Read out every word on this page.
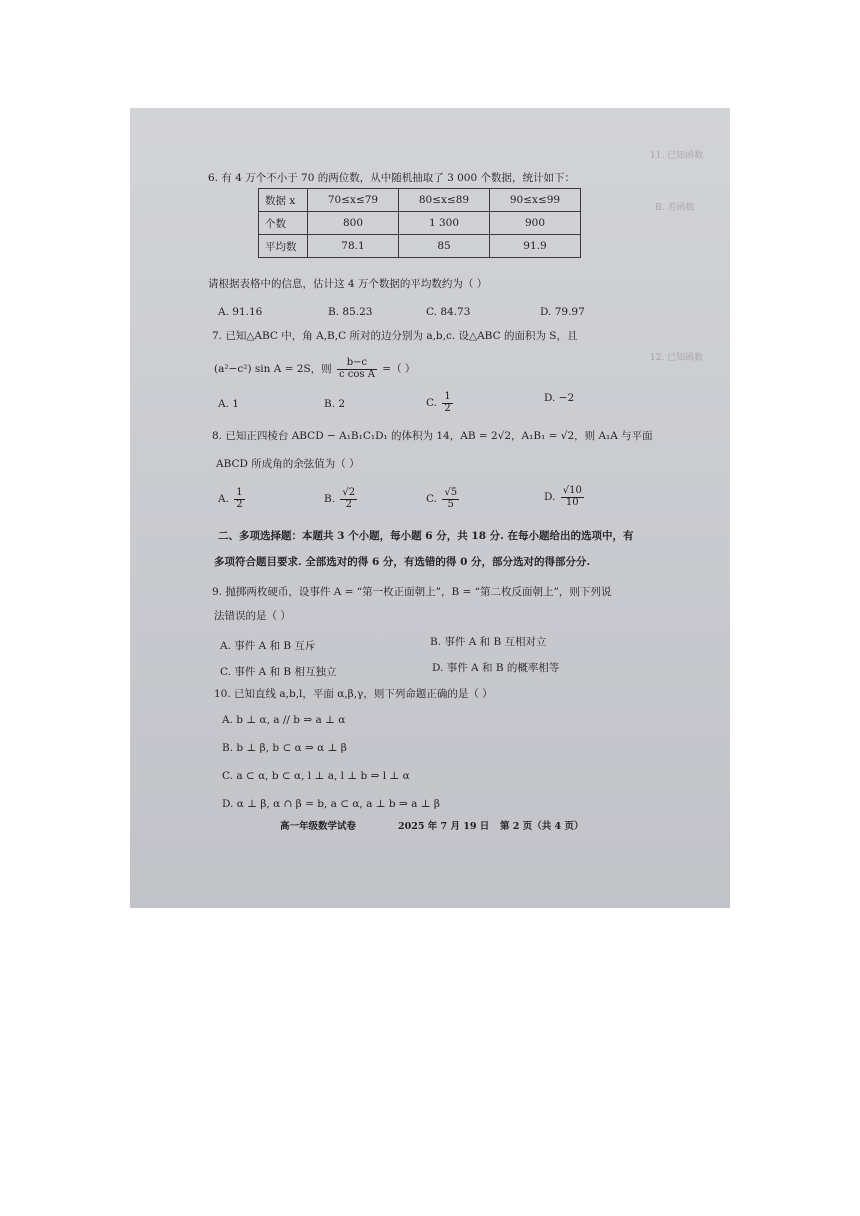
11. 已知函数
B. 若函数
12. 已知函数
6. 有 4 万个不小于 70 的两位数，从中随机抽取了 3 000 个数据，统计如下：
数据 x	70≤x≤79	80≤x≤89	90≤x≤99
个数	800	1 300	900
平均数	78.1	85	91.9
请根据表格中的信息，估计这 4 万个数据的平均数约为（ ）
A. 91.16	B. 85.23	C. 84.73	D. 79.97
7. 已知△ABC 中，角 A,B,C 所对的边分别为 a,b,c. 设△ABC 的面积为 S，且
(a²−c²) sin A = 2S，则 $\frac{b-c}{\text{c cos A}}$ =（ ）
A. 1	B. 2	C. $\frac{1}{2}$	D. −2
8. 已知正四棱台 ABCD − A₁B₁C₁D₁ 的体积为 14，AB = 2√2，A₁B₁ = √2，则 A₁A 与平面
ABCD 所成角的余弦值为（ ）
A. $\frac{1}{2}$	B. $\frac{√2}{2}$	C. $\frac{√5}{5}$	D. $\frac{√10}{10}$
二、多项选择题：本题共 3 个小题，每小题 6 分，共 18 分. 在每小题给出的选项中，有
多项符合题目要求. 全部选对的得 6 分，有选错的得 0 分，部分选对的得部分分.
9. 抛掷两枚硬币，设事件 A = “第一枚正面朝上”，B = “第二枚反面朝上”，则下列说
法错误的是（ ）
A. 事件 A 和 B 互斥	B. 事件 A 和 B 互相对立
C. 事件 A 和 B 相互独立	D. 事件 A 和 B 的概率相等
10. 已知直线 a,b,l，平面 α,β,γ，则下列命题正确的是（ ）
A. b ⊥ α, a // b ⇒ a ⊥ α
B. b ⊥ β, b ⊂ α ⇒ α ⊥ β
C. a ⊂ α, b ⊂ α, l ⊥ a, l ⊥ b ⇒ l ⊥ α
D. α ⊥ β, α ∩ β = b, a ⊂ α, a ⊥ b ⇒ a ⊥ β
高一年级数学试卷	2025 年 7 月 19 日 第 2 页（共 4 页）
